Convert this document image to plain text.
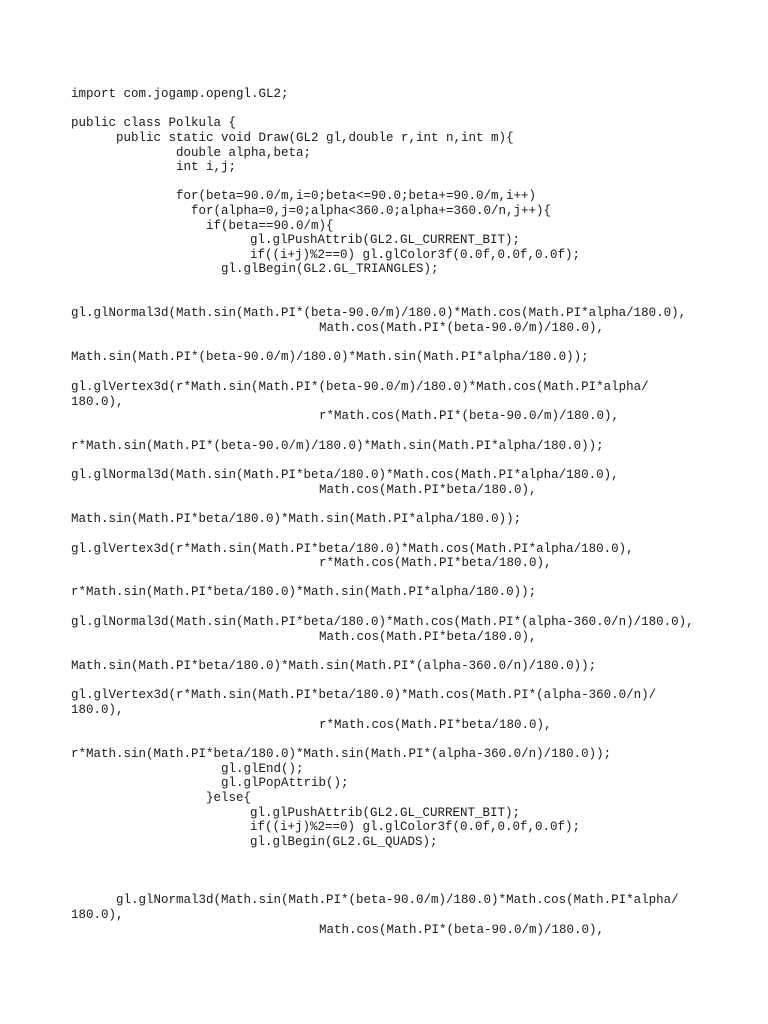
import com.jogamp.opengl.GL2;
public class Polkula {
public static void Draw(GL2 gl,double r,int n,int m){
double alpha,beta;
int i,j;
for(beta=90.0/m,i=0;beta<=90.0;beta+=90.0/m,i++)
for(alpha=0,j=0;alpha<360.0;alpha+=360.0/n,j++){
if(beta==90.0/m){
gl.glPushAttrib(GL2.GL_CURRENT_BIT);
if((i+j)%2==0) gl.glColor3f(0.0f,0.0f,0.0f);
gl.glBegin(GL2.GL_TRIANGLES);
gl.glNormal3d(Math.sin(Math.PI*(beta-90.0/m)/180.0)*Math.cos(Math.PI*alpha/180.0),
Math.cos(Math.PI*(beta-90.0/m)/180.0),
Math.sin(Math.PI*(beta-90.0/m)/180.0)*Math.sin(Math.PI*alpha/180.0));
gl.glVertex3d(r*Math.sin(Math.PI*(beta-90.0/m)/180.0)*Math.cos(Math.PI*alpha/
180.0),
r*Math.cos(Math.PI*(beta-90.0/m)/180.0),
r*Math.sin(Math.PI*(beta-90.0/m)/180.0)*Math.sin(Math.PI*alpha/180.0));
gl.glNormal3d(Math.sin(Math.PI*beta/180.0)*Math.cos(Math.PI*alpha/180.0),
Math.cos(Math.PI*beta/180.0),
Math.sin(Math.PI*beta/180.0)*Math.sin(Math.PI*alpha/180.0));
gl.glVertex3d(r*Math.sin(Math.PI*beta/180.0)*Math.cos(Math.PI*alpha/180.0),
r*Math.cos(Math.PI*beta/180.0),
r*Math.sin(Math.PI*beta/180.0)*Math.sin(Math.PI*alpha/180.0));
gl.glNormal3d(Math.sin(Math.PI*beta/180.0)*Math.cos(Math.PI*(alpha-360.0/n)/180.0),
Math.cos(Math.PI*beta/180.0),
Math.sin(Math.PI*beta/180.0)*Math.sin(Math.PI*(alpha-360.0/n)/180.0));
gl.glVertex3d(r*Math.sin(Math.PI*beta/180.0)*Math.cos(Math.PI*(alpha-360.0/n)/
180.0),
r*Math.cos(Math.PI*beta/180.0),
r*Math.sin(Math.PI*beta/180.0)*Math.sin(Math.PI*(alpha-360.0/n)/180.0));
gl.glEnd();
gl.glPopAttrib();
}else{
gl.glPushAttrib(GL2.GL_CURRENT_BIT);
if((i+j)%2==0) gl.glColor3f(0.0f,0.0f,0.0f);
gl.glBegin(GL2.GL_QUADS);
gl.glNormal3d(Math.sin(Math.PI*(beta-90.0/m)/180.0)*Math.cos(Math.PI*alpha/
180.0),
Math.cos(Math.PI*(beta-90.0/m)/180.0),
